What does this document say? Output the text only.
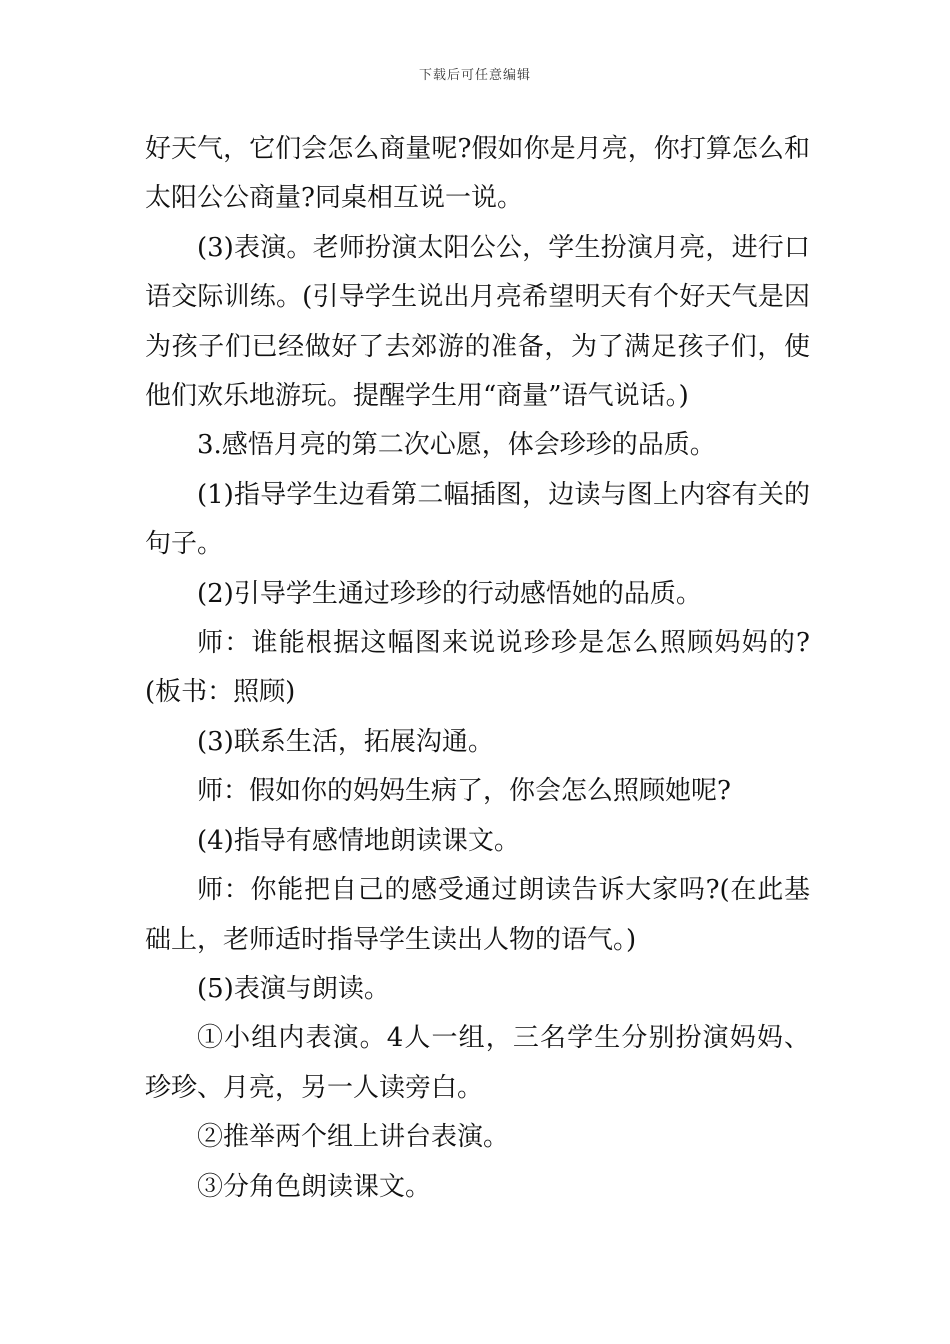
下载后可任意编辑

好天气，它们会怎么商量呢?假如你是月亮，你打算怎么和太阳公公商量?同桌相互说一说。

(3)表演。老师扮演太阳公公，学生扮演月亮，进行口语交际训练。(引导学生说出月亮希望明天有个好天气是因为孩子们已经做好了去郊游的准备，为了满足孩子们，使他们欢乐地游玩。提醒学生用“商量”语气说话。)

3.感悟月亮的第二次心愿，体会珍珍的品质。

(1)指导学生边看第二幅插图，边读与图上内容有关的句子。

(2)引导学生通过珍珍的行动感悟她的品质。

师：谁能根据这幅图来说说珍珍是怎么照顾妈妈的?(板书：照顾)

(3)联系生活，拓展沟通。

师：假如你的妈妈生病了，你会怎么照顾她呢?

(4)指导有感情地朗读课文。

师：你能把自己的感受通过朗读告诉大家吗?(在此基础上，老师适时指导学生读出人物的语气。)

(5)表演与朗读。

①小组内表演。4人一组，三名学生分别扮演妈妈、珍珍、月亮，另一人读旁白。

②推举两个组上讲台表演。

③分角色朗读课文。
